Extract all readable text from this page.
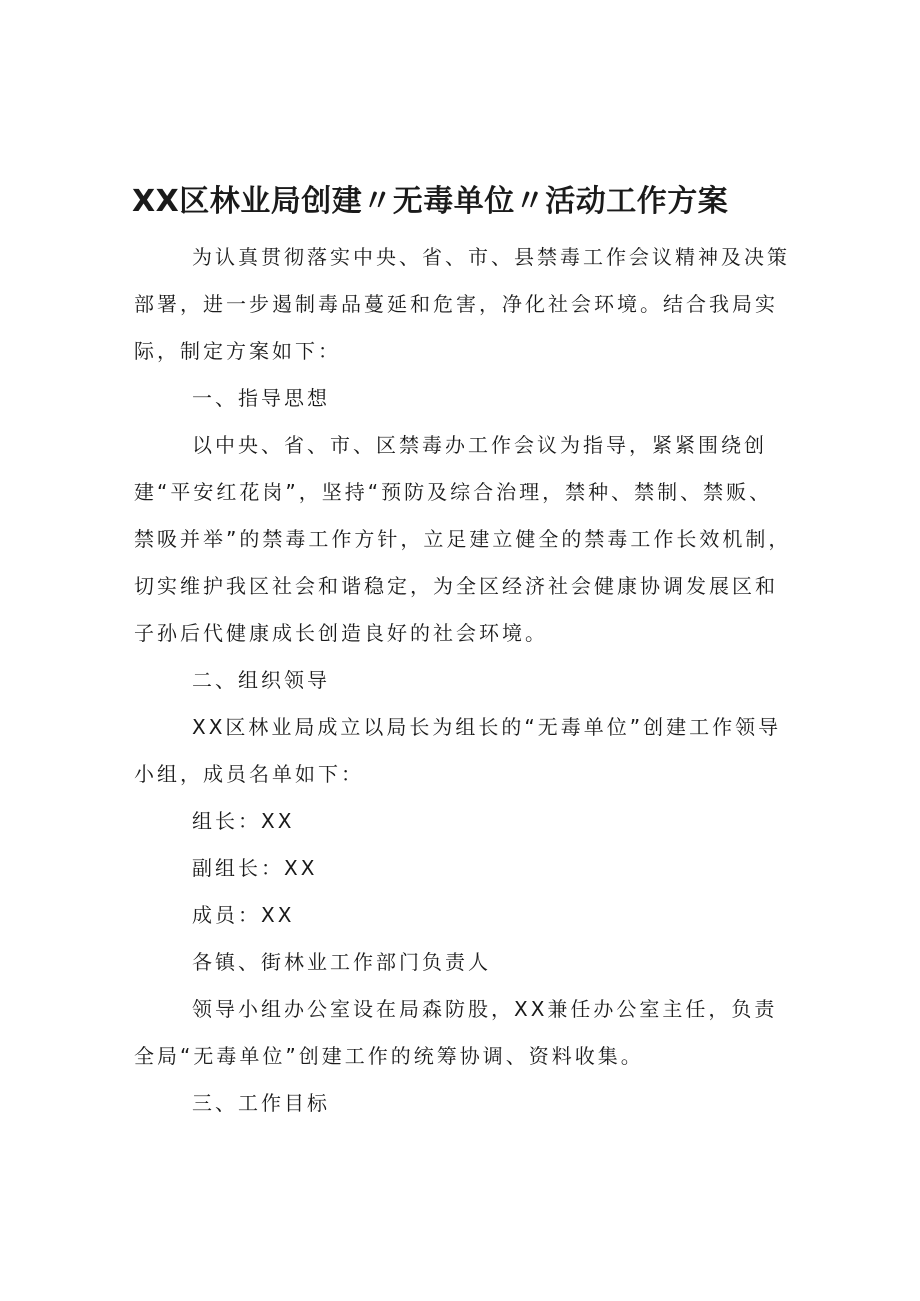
XX区林业局创建〃无毒单位〃活动工作方案

为认真贯彻落实中央、省、市、县禁毒工作会议精神及决策部署，进一步遏制毒品蔓延和危害，净化社会环境。结合我局实际，制定方案如下：

一、指导思想

以中央、省、市、区禁毒办工作会议为指导，紧紧围绕创建“平安红花岗”，坚持“预防及综合治理，禁种、禁制、禁贩、禁吸并举”的禁毒工作方针，立足建立健全的禁毒工作长效机制，切实维护我区社会和谐稳定，为全区经济社会健康协调发展区和子孙后代健康成长创造良好的社会环境。

二、组织领导

XX区林业局成立以局长为组长的“无毒单位”创建工作领导小组，成员名单如下：

组长：XX

副组长：XX

成员：XX

各镇、街林业工作部门负责人

领导小组办公室设在局森防股，XX兼任办公室主任，负责全局“无毒单位”创建工作的统筹协调、资料收集。

三、工作目标
